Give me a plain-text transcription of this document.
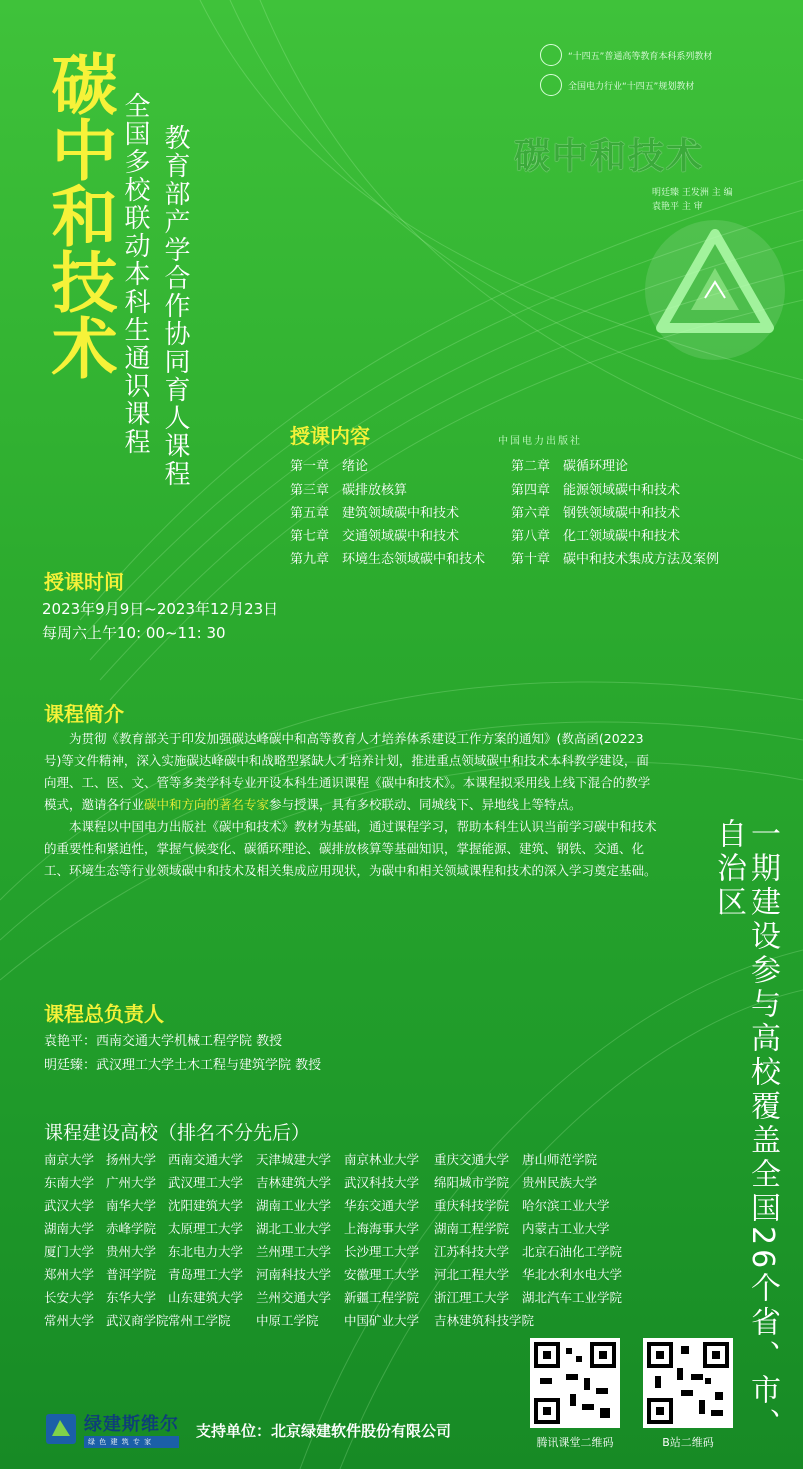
碳中和技术 全国多校联动本科生通识课程 教育部产学合作协同育人课程
“十四五”普通高等教育本科系列教材
全国电力行业“十四五”规划教材
碳中和技术
明廷臻 王发洲 主 编
袁艳平 主 审
中国电力出版社
授课内容
第一章　绪论	第二章　碳循环理论
第三章　碳排放核算	第四章　能源领域碳中和技术
第五章　建筑领域碳中和技术	第六章　钢铁领域碳中和技术
第七章　交通领域碳中和技术	第八章　化工领域碳中和技术
第九章　环境生态领域碳中和技术 第十章　碳中和技术集成方法及案例
授课时间
2023年9月9日~2023年12月23日
每周六上午10: 00~11: 30
课程简介

为贯彻《教育部关于印发加强碳达峰碳中和高等教育人才培养体系建设工作方案的通知》(教高函(20223号)等文件精神，深入实施碳达峰碳中和战略型紧缺人才培养计划，推进重点领域碳中和技术本科教学建设，面向理、工、医、文、管等多类学科专业开设本科生通识课程《碳中和技术》。本课程拟采用线上线下混合的教学模式，邀请各行业碳中和方向的著名专家参与授课，具有多校联动、同城线下、异地线上等特点。

本课程以中国电力出版社《碳中和技术》教材为基础，通过课程学习，帮助本科生认识当前学习碳中和技术的重要性和紧迫性，掌握气候变化、碳循环理论、碳排放核算等基础知识，掌握能源、建筑、钢铁、交通、化工、环境生态等行业领域碳中和技术及相关集成应用现状，为碳中和相关领域课程和技术的深入学习奠定基础。

课程总负责人
袁艳平：西南交通大学机械工程学院 教授
明廷臻：武汉理工大学土木工程与建筑学院 教授
课程建设高校（排名不分先后）
南京大学 扬州大学 西南交通大学 天津城建大学 南京林业大学 重庆交通大学 唐山师范学院
东南大学 广州大学 武汉理工大学 吉林建筑大学 武汉科技大学 绵阳城市学院 贵州民族大学
武汉大学 南华大学 沈阳建筑大学 湖南工业大学 华东交通大学 重庆科技学院 哈尔滨工业大学
湖南大学 赤峰学院 太原理工大学 湖北工业大学 上海海事大学 湖南工程学院 内蒙古工业大学
厦门大学 贵州大学 东北电力大学 兰州理工大学 长沙理工大学 江苏科技大学 北京石油化工学院
郑州大学 普洱学院 青岛理工大学 河南科技大学 安徽理工大学 河北工程大学 华北水利水电大学
长安大学 东华大学 山东建筑大学 兰州交通大学 新疆工程学院 浙江理工大学 湖北汽车工业学院
常州大学 武汉商学院 常州工学院 中原工学院 中国矿业大学 吉林建筑科技学院	一期建设参与高校覆盖全国26个省、市、自治区
腾讯课堂二维码	B站二维码
绿建斯维尔
绿 色 建 筑 专 家
支持单位：北京绿建软件股份有限公司
